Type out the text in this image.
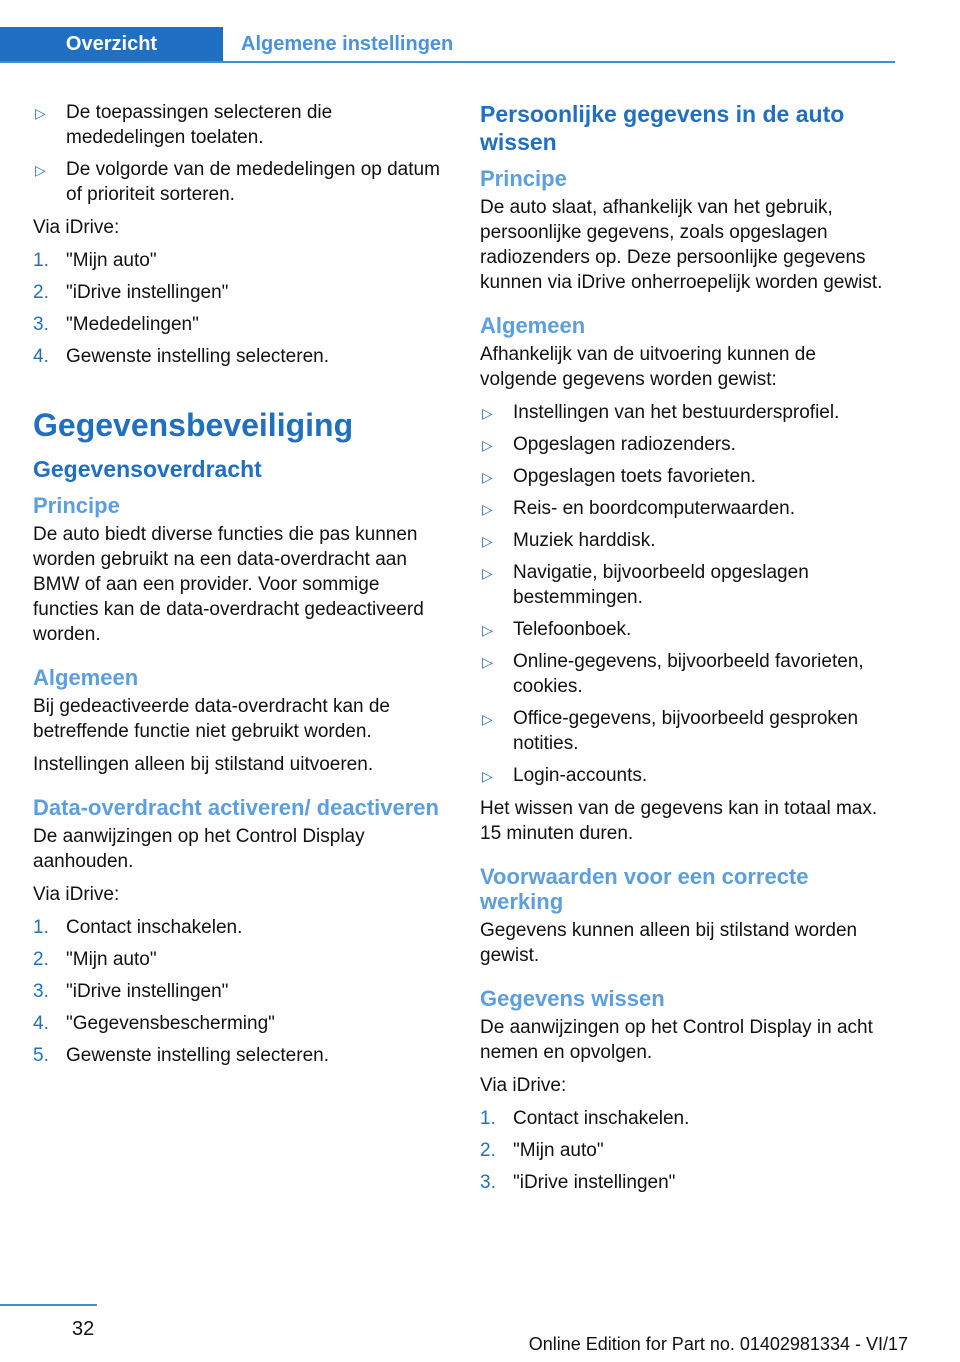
Overzicht	Algemene instellingen
▷ De toepassingen selecteren die mededelingen toelaten.
▷ De volgorde van de mededelingen op datum of prioriteit sorteren.

Via iDrive:

1. "Mijn auto"
2. "iDrive instellingen"
3. "Mededelingen"
4. Gewenste instelling selecteren.
Gegevensbeveiliging
Gegevensoverdracht
Principe

De auto biedt diverse functies die pas kunnen worden gebruikt na een data-overdracht aan BMW of aan een provider. Voor sommige functies kan de data-overdracht gedeactiveerd worden.

Algemeen

Bij gedeactiveerde data-overdracht kan de betreffende functie niet gebruikt worden.

Instellingen alleen bij stilstand uitvoeren.

Data-overdracht activeren/ deactiveren

De aanwijzingen op het Control Display aanhouden.

Via iDrive:

1. Contact inschakelen.
2. "Mijn auto"
3. "iDrive instellingen"
4. "Gegevensbescherming"
5. Gewenste instelling selecteren.
Persoonlijke gegevens in de auto wissen
Principe

De auto slaat, afhankelijk van het gebruik, persoonlijke gegevens, zoals opgeslagen radiozenders op. Deze persoonlijke gegevens kunnen via iDrive onherroepelijk worden gewist.

Algemeen

Afhankelijk van de uitvoering kunnen de volgende gegevens worden gewist:

▷ Instellingen van het bestuurdersprofiel.
▷ Opgeslagen radiozenders.
▷ Opgeslagen toets favorieten.
▷ Reis- en boordcomputerwaarden.
▷ Muziek harddisk.
▷ Navigatie, bijvoorbeeld opgeslagen bestemmingen.
▷ Telefoonboek.
▷ Online-gegevens, bijvoorbeeld favorieten, cookies.
▷ Office-gegevens, bijvoorbeeld gesproken notities.
▷ Login-accounts.

Het wissen van de gegevens kan in totaal max. 15 minuten duren.

Voorwaarden voor een correcte werking

Gegevens kunnen alleen bij stilstand worden gewist.

Gegevens wissen

De aanwijzingen op het Control Display in acht nemen en opvolgen.

Via iDrive:

1. Contact inschakelen.
2. "Mijn auto"
3. "iDrive instellingen"
32
Online Edition for Part no. 01402981334 - VI/17
